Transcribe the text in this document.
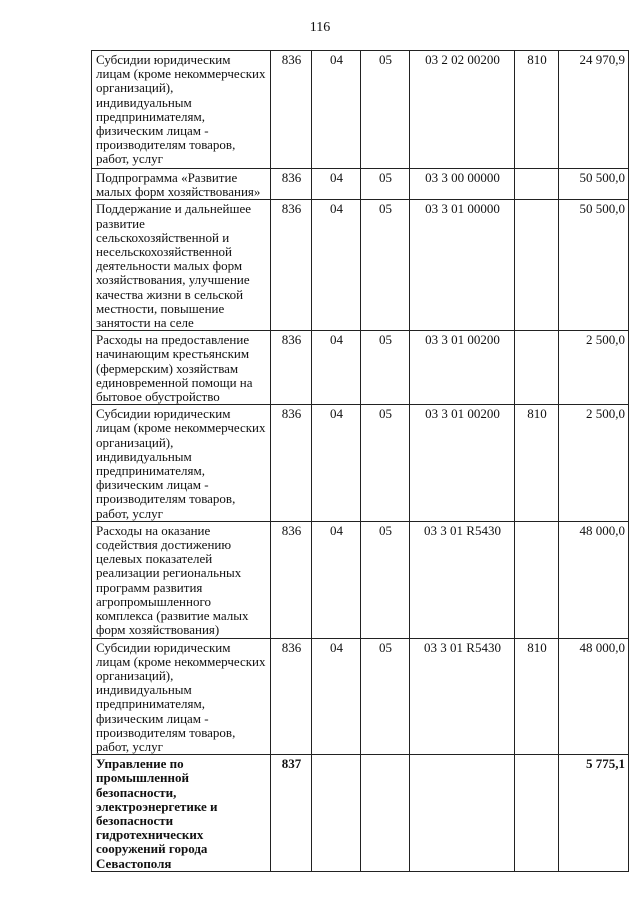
116
Субсидии юридическим лицам (кроме некоммерческих организаций), индивидуальным предпринимателям, физическим лицам - производителям товаров, работ, услуг	836	04	05	03 2 02 00200	810	24 970,9
Подпрограмма «Развитие малых форм хозяйствования»	836	04	05	03 3 00 00000		50 500,0
Поддержание и дальнейшее развитие сельскохозяйственной и несельскохозяйственной деятельности малых форм хозяйствования, улучшение качества жизни в сельской местности, повышение занятости на селе	836	04	05	03 3 01 00000		50 500,0
Расходы на предоставление начинающим крестьянским (фермерским) хозяйствам единовременной помощи на бытовое обустройство	836	04	05	03 3 01 00200		2 500,0
Субсидии юридическим лицам (кроме некоммерческих организаций), индивидуальным предпринимателям, физическим лицам - производителям товаров, работ, услуг	836	04	05	03 3 01 00200	810	2 500,0
Расходы на оказание содействия достижению целевых показателей реализации региональных программ развития агропромышленного комплекса (развитие малых форм хозяйствования)	836	04	05	03 3 01 R5430		48 000,0
Субсидии юридическим лицам (кроме некоммерческих организаций), индивидуальным предпринимателям, физическим лицам - производителям товаров, работ, услуг	836	04	05	03 3 01 R5430	810	48 000,0
Управление по промышленной безопасности, электроэнергетике и безопасности гидротехнических сооружений города Севастополя	837					5 775,1
